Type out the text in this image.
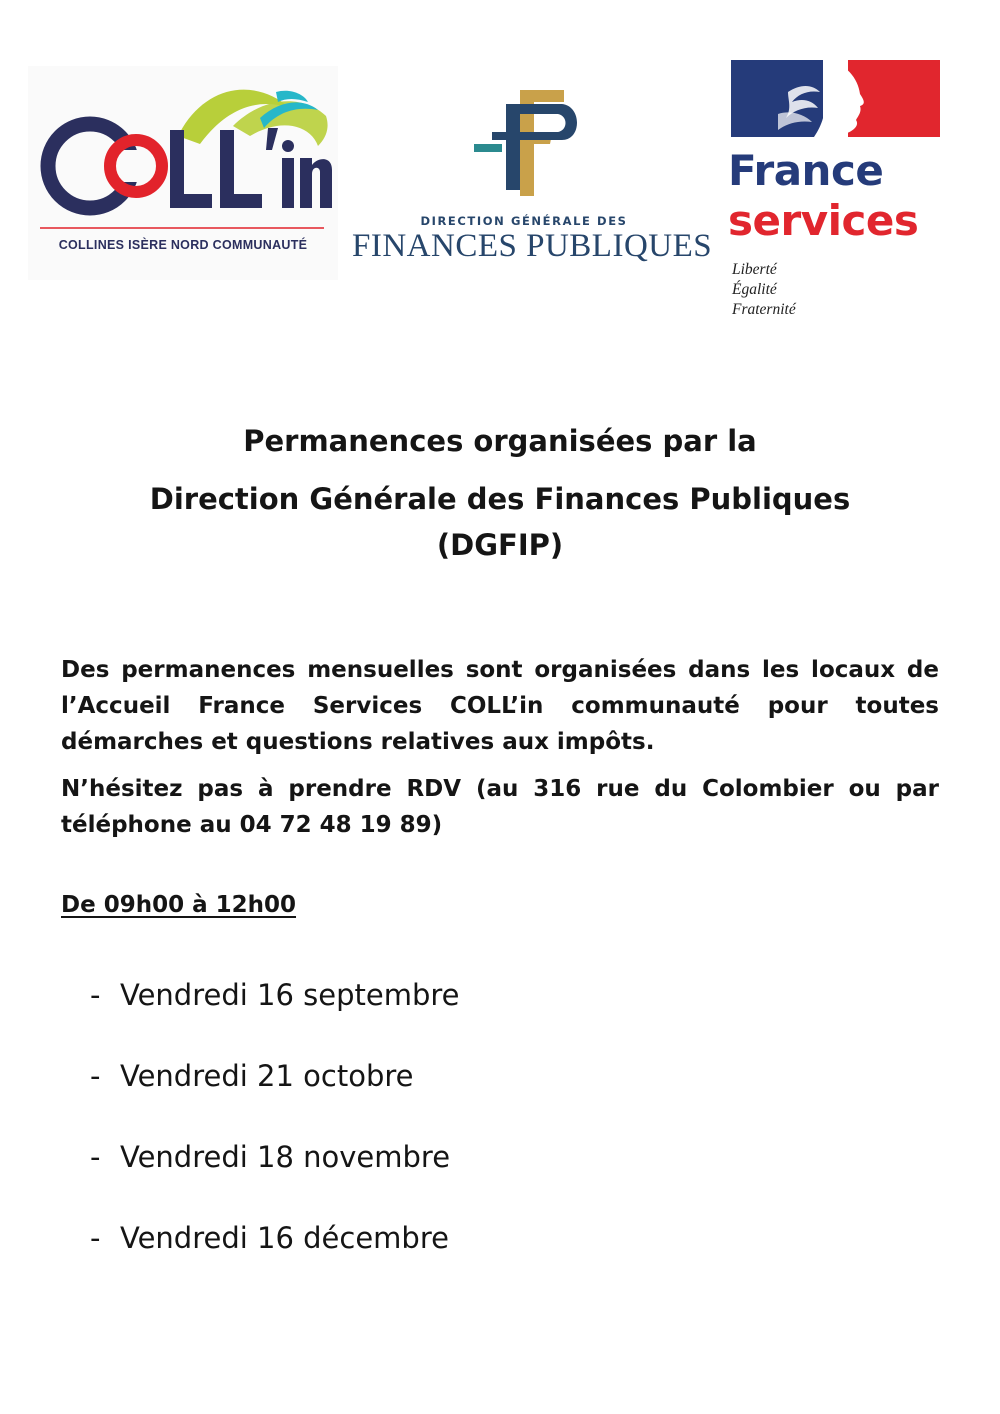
COLLINES ISÈRE NORD COMMUNAUTÉ
DIRECTION GÉNÉRALE DES
FINANCES PUBLIQUES
France
services
Liberté
Égalité
Fraternité
Permanences organisées par la
Direction Générale des Finances Publiques
(DGFIP)
Des permanences mensuelles sont organisées dans les locaux de l’Accueil France Services COLL’in communauté pour toutes démarches et questions relatives aux impôts.
N’hésitez pas à prendre RDV (au 316 rue du Colombier ou par téléphone au 04 72 48 19 89)
De 09h00 à 12h00
- Vendredi 16 septembre
- Vendredi 21 octobre
- Vendredi 18 novembre
- Vendredi 16 décembre
